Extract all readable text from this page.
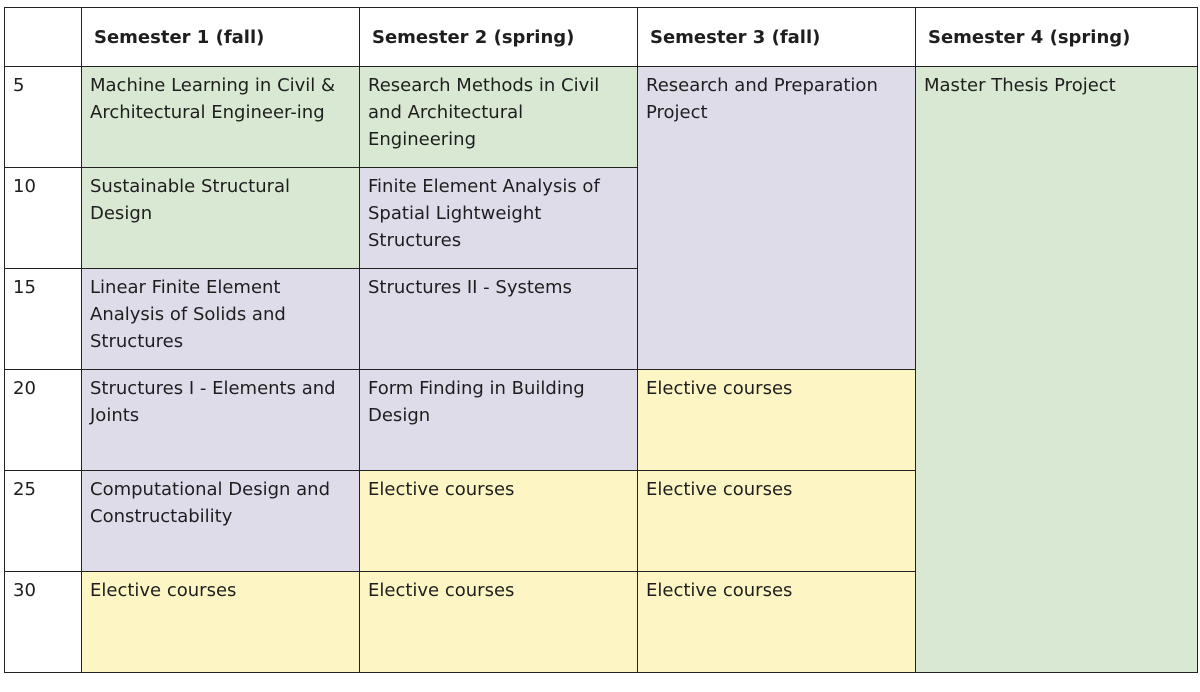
	Semester 1 (fall)	Semester 2 (spring)	Semester 3 (fall)	Semester 4 (spring)
5	Machine Learning in Civil & Architectural Engineer-ing	Research Methods in Civil and Architectural Engineering	Research and Preparation Project	Master Thesis Project
10	Sustainable Structural Design	Finite Element Analysis of Spatial Lightweight Structures		
15	Linear Finite Element Analysis of Solids and Structures	Structures II - Systems		
20	Structures I - Elements and Joints	Form Finding in Building Design	Elective courses	
25	Computational Design and Constructability	Elective courses	Elective courses	
30	Elective courses	Elective courses	Elective courses	
